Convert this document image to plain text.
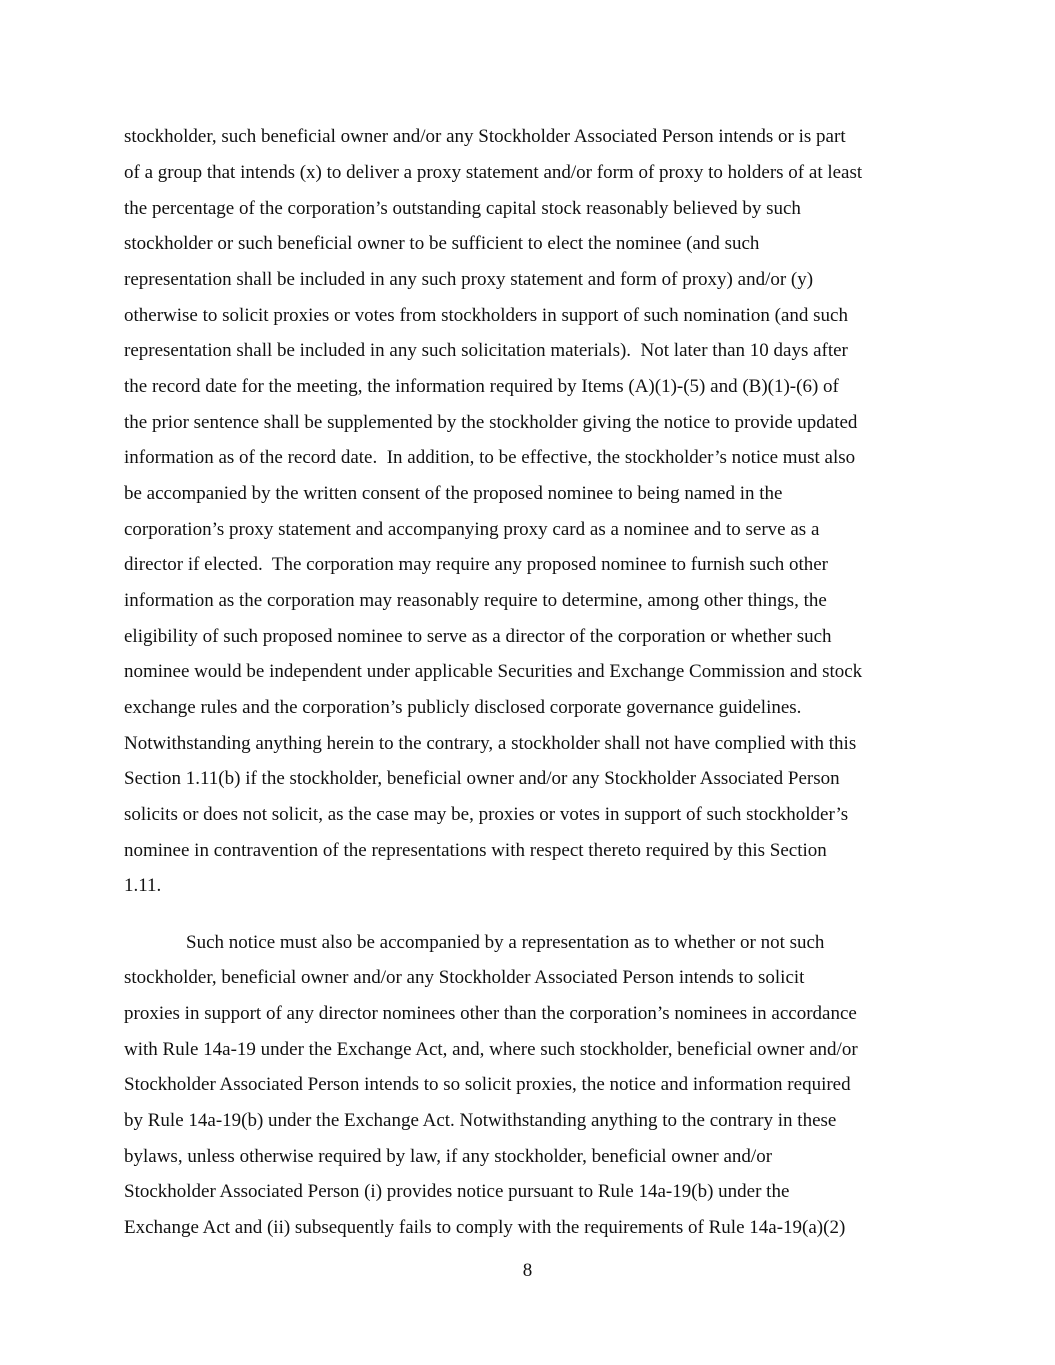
stockholder, such beneficial owner and/or any Stockholder Associated Person intends or is part
of a group that intends (x) to deliver a proxy statement and/or form of proxy to holders of at least
the percentage of the corporation’s outstanding capital stock reasonably believed by such
stockholder or such beneficial owner to be sufficient to elect the nominee (and such
representation shall be included in any such proxy statement and form of proxy) and/or (y)
otherwise to solicit proxies or votes from stockholders in support of such nomination (and such
representation shall be included in any such solicitation materials).  Not later than 10 days after
the record date for the meeting, the information required by Items (A)(1)-(5) and (B)(1)-(6) of
the prior sentence shall be supplemented by the stockholder giving the notice to provide updated
information as of the record date.  In addition, to be effective, the stockholder’s notice must also
be accompanied by the written consent of the proposed nominee to being named in the
corporation’s proxy statement and accompanying proxy card as a nominee and to serve as a
director if elected.  The corporation may require any proposed nominee to furnish such other
information as the corporation may reasonably require to determine, among other things, the
eligibility of such proposed nominee to serve as a director of the corporation or whether such
nominee would be independent under applicable Securities and Exchange Commission and stock
exchange rules and the corporation’s publicly disclosed corporate governance guidelines.
Notwithstanding anything herein to the contrary, a stockholder shall not have complied with this
Section 1.11(b) if the stockholder, beneficial owner and/or any Stockholder Associated Person
solicits or does not solicit, as the case may be, proxies or votes in support of such stockholder’s
nominee in contravention of the representations with respect thereto required by this Section
1.11.
Such notice must also be accompanied by a representation as to whether or not such
stockholder, beneficial owner and/or any Stockholder Associated Person intends to solicit
proxies in support of any director nominees other than the corporation’s nominees in accordance
with Rule 14a-19 under the Exchange Act, and, where such stockholder, beneficial owner and/or
Stockholder Associated Person intends to so solicit proxies, the notice and information required
by Rule 14a-19(b) under the Exchange Act. Notwithstanding anything to the contrary in these
bylaws, unless otherwise required by law, if any stockholder, beneficial owner and/or
Stockholder Associated Person (i) provides notice pursuant to Rule 14a-19(b) under the
Exchange Act and (ii) subsequently fails to comply with the requirements of Rule 14a-19(a)(2)
8
